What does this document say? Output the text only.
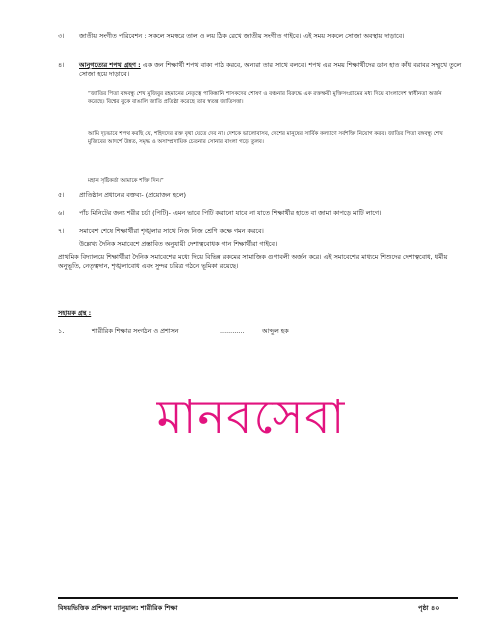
৩। জাতীয় সংগীত পরিবেশন : সকলে সমস্বরে তাল ও লয় ঠিক রেখে জাতীয় সংগীত গাইবে। এই সময় সকলে সোজা অবস্থায় দাড়াবে।
৪। আনুগত্যের শপথ গ্রহণ : এক জন শিক্ষার্থী শপথ বাক্য পাঠ করবে, অন্যরা তার সাথে বলবে। শপথ এর সময় শিক্ষার্থীদের ডান হাত কাঁধ বরাবর সম্মুখে তুলে সোজা হয়ে দাড়াবে।
“জাতির পিতা বঙ্গবন্ধু শেখ মুজিবুর রহমানের নেতৃত্বে পাকিস্তানি শাসকদের শোষণ ও বঞ্চনার বিরুদ্ধে এক রক্তক্ষয়ী মুক্তিসংগ্রামের মধ্য দিয়ে বাংলাদেশ স্বাধীনতা অর্জন করেছে। বিশ্বের বুকে বাঙালি জাতি প্রতিষ্ঠা করেছে তার স্বতন্ত্র জাতিসত্তা।
আমি দৃঢ়ভাবে শপথ করছি যে, শহিদদের রক্ত বৃথা যেতে দেব না। দেশকে ভালোবাসব, দেশের মানুষের সার্বিক কল্যাণে সর্বশক্তি নিয়োগ করব। জাতির পিতা বঙ্গবন্ধু শেখ মুজিবের আদর্শে উন্নত, সমৃদ্ধ ও অসাম্প্রদায়িক চেতনার সোনার বাংলা গড়ে তুলব।
মহান সৃষ্টিকর্তা আমাকে শক্তি দিন।”
৫। প্রাতিষ্ঠান প্রধানের বক্তব্য- (প্রয়োজন হলে)
৬। পাঁচ মিনিটের জন্য শরীর চর্চা (পিটি)- এমন ভাবে পিটি করানো যাবে না যাতে শিক্ষার্থীর হাতে বা জামা কাপড়ে মাটি লাগে।
৭। সমাবেশ শেষে শিক্ষার্থীরা শৃঙ্খলার সাথে নিজ নিজ শ্রেণি কক্ষে গমন করবে।
উল্লেখ্য দৈনিক সমাবেশে প্রস্তাবিত অনুযায়ী দেশাত্ববোধক গান শিক্ষার্থীরা গাইবে।
প্রাথমিক বিদ্যালয়ে শিক্ষার্থীরা দৈনিক সমাবেশের মধ্যে দিয়ে বিভিন্ন রকমের সামাজিক গুণাবলী অর্জন করে। এই সমাবেশের মাধ্যমে শিশুদের দেশাত্ববোধ, ধর্মীয় অনুভূতি, নেতৃত্বদান, শৃঙ্খলাবোধ এবং সুন্দর চরিত্র গঠনে ভূমিকা রয়েছে।
সহায়ক গ্রন্থ :
১.	শারীরিক শিক্ষার সংগঠন ও প্রশাসন	............	আব্দুল হক
মানবসেবা
বিষয়ভিত্তিক প্রশিক্ষণ ম্যানুয়াল: শারীরিক শিক্ষা	পৃষ্ঠা ৪০
